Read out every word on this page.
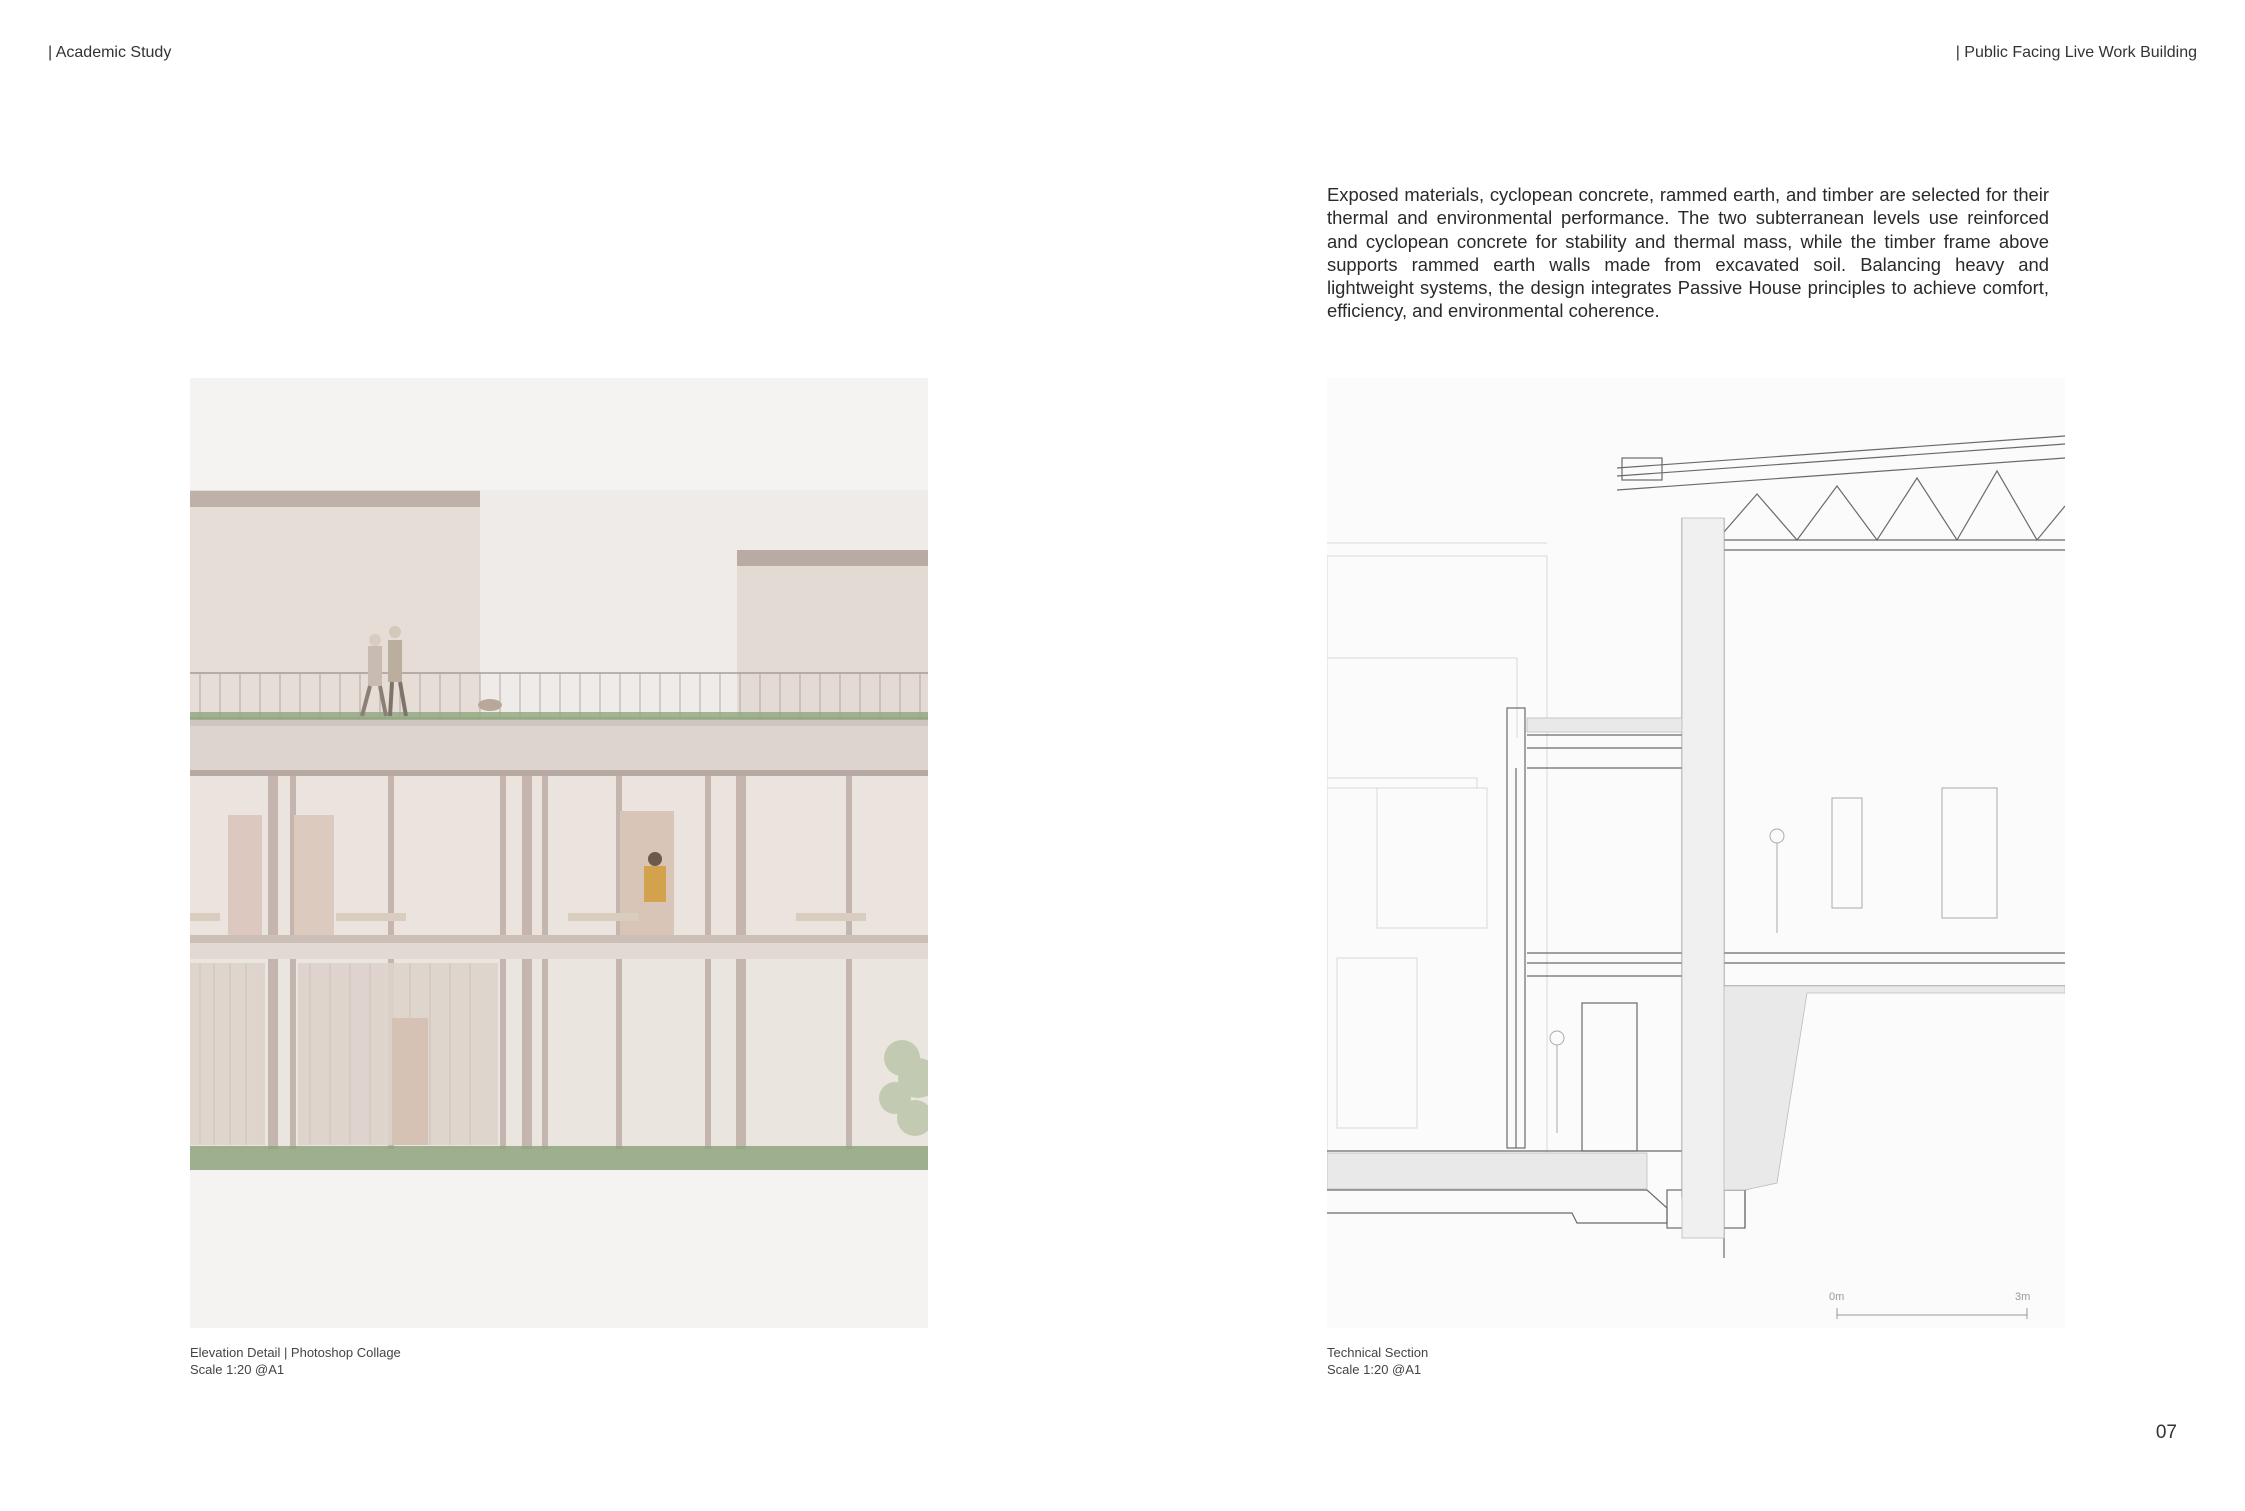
| Academic Study	| Public Facing Live Work Building
Exposed materials, cyclopean concrete, rammed earth, and timber are selected for their thermal and environmental performance. The two subterranean levels use reinforced and cyclopean concrete for stability and thermal mass, while the timber frame above supports rammed earth walls made from excavated soil. Balancing heavy and lightweight systems, the design integrates Passive House principles to achieve comfort, efficiency, and environmental coherence.
0m	3m
Elevation Detail | Photoshop Collage
Scale 1:20 @A1
Technical Section
Scale 1:20 @A1
07
